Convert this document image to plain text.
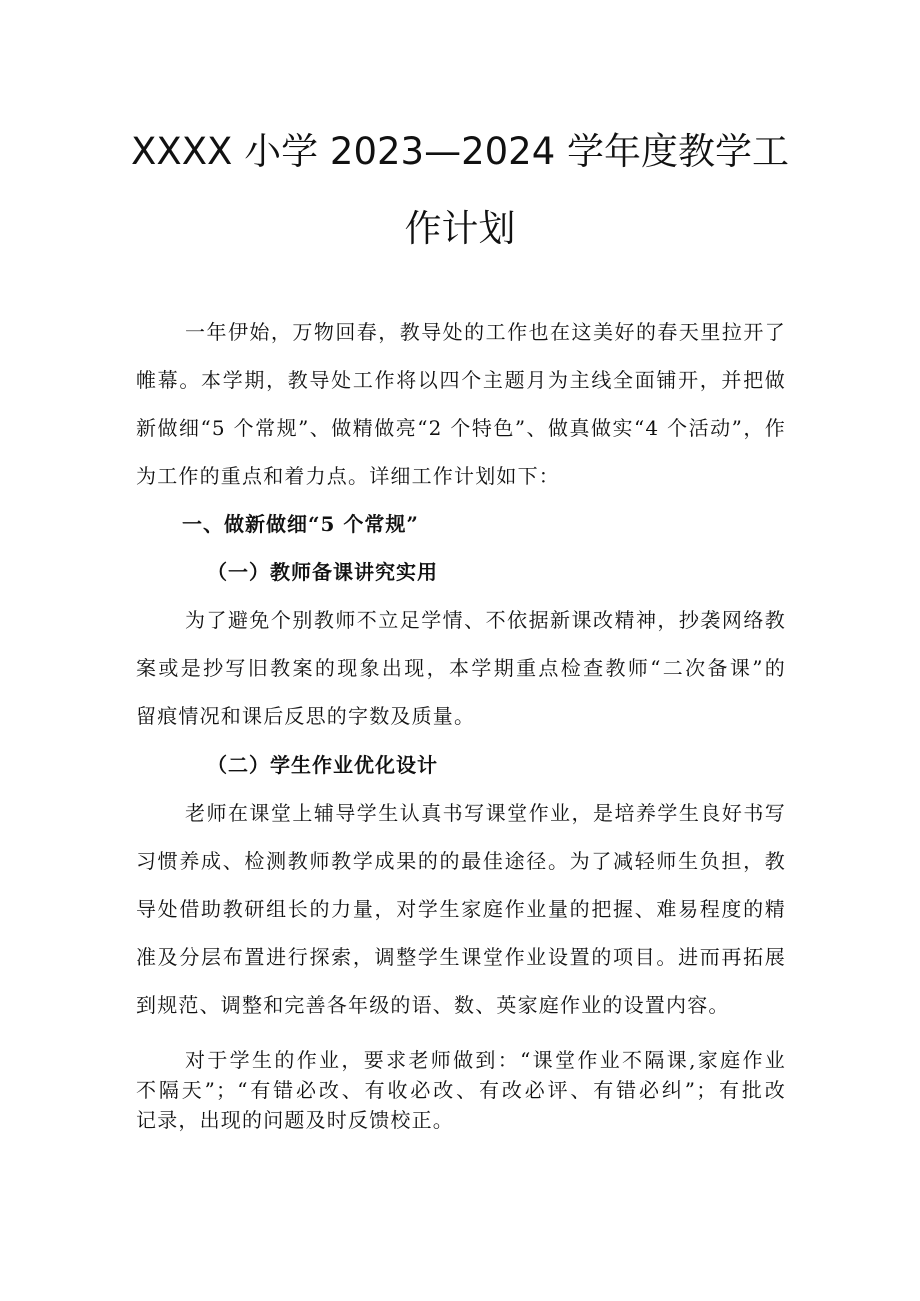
XXXX 小学 2023—2024 学年度教学工
作计划
一年伊始，万物回春，教导处的工作也在这美好的春天里拉开了
帷幕。本学期，教导处工作将以四个主题月为主线全面铺开，并把做
新做细“5 个常规”、做精做亮“2 个特色”、做真做实“4 个活动”，作
为工作的重点和着力点。详细工作计划如下：
一、做新做细“5 个常规”
（一）教师备课讲究实用
为了避免个别教师不立足学情、不依据新课改精神，抄袭网络教
案或是抄写旧教案的现象出现，本学期重点检查教师“二次备课”的
留痕情况和课后反思的字数及质量。
（二）学生作业优化设计
老师在课堂上辅导学生认真书写课堂作业，是培养学生良好书写
习惯养成、检测教师教学成果的的最佳途径。为了减轻师生负担，教
导处借助教研组长的力量，对学生家庭作业量的把握、难易程度的精
准及分层布置进行探索，调整学生课堂作业设置的项目。进而再拓展
到规范、调整和完善各年级的语、数、英家庭作业的设置内容。
对于学生的作业，要求老师做到：“课堂作业不隔课,家庭作业
不隔天”；“有错必改、有收必改、有改必评、有错必纠”；有批改
记录，出现的问题及时反馈校正。
